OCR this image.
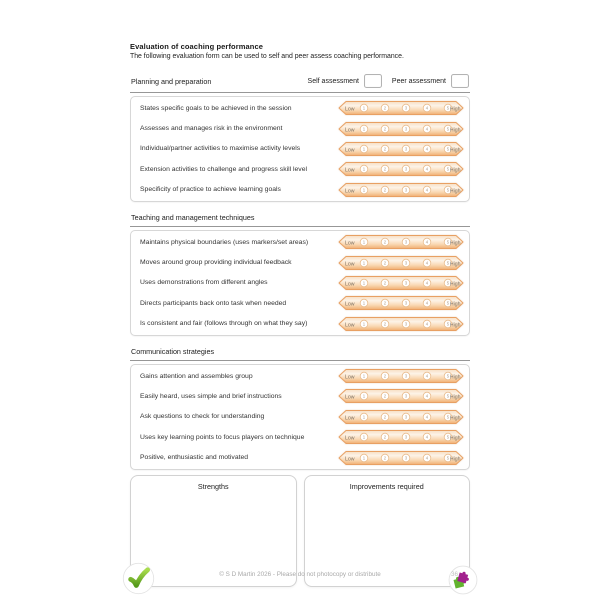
Evaluation of coaching performance
The following evaluation form can be used to self and peer assess coaching performance.
Planning and preparation	Self assessment	Peer assessment
States specific goals to be achieved in the session	Low 1	2	3	4	5 High
Assesses and manages risk in the environment	Low 1	2	3	4	5 High
Individual/partner activities to maximise activity levels	Low 1	2	3	4	5 High
Extension activities to challenge and progress skill level	Low 1	2	3	4	5 High
Specificity of practice to achieve learning goals	Low 1	2	3	4	5 High
Teaching and management techniques
Maintains physical boundaries (uses markers/set areas)	Low 1	2	3	4	5 High
Moves around group providing individual feedback	Low 1	2	3	4	5 High
Uses demonstrations from different angles	Low 1	2	3	4	5 High
Directs participants back onto task when needed	Low 1	2	3	4	5 High
Is consistent and fair (follows through on what they say)	Low 1	2	3	4	5 High
Communication strategies
Gains attention and assembles group	Low 1	2	3	4	5 High
Easily heard, uses simple and brief instructions	Low 1	2	3	4	5 High
Ask questions to check for understanding	Low 1	2	3	4	5 High
Uses key learning points to focus players on technique	Low 1	2	3	4	5 High
Positive, enthusiastic and motivated	Low 1	2	3	4	5 High
Strengths	Improvements required
© S D Martin 2026 - Please do not photocopy or distribute	36
